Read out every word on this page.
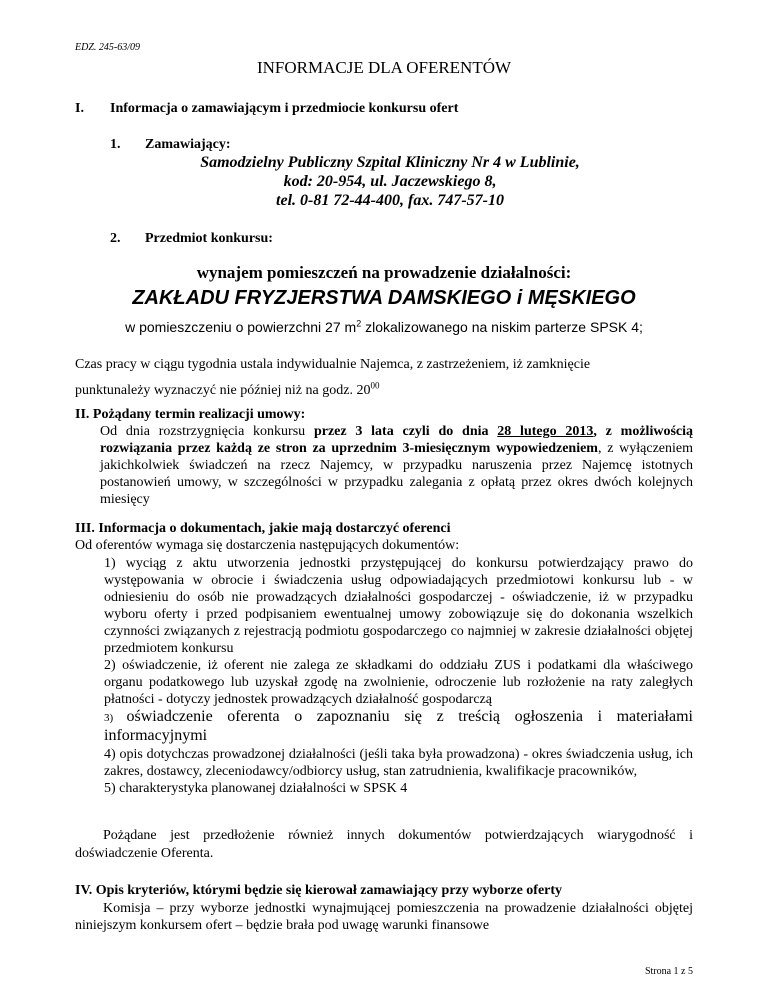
EDZ. 245-63/09
INFORMACJE DLA OFERENTÓW
I. Informacja o zamawiającym i przedmiocie konkursu ofert
1. Zamawiający:
Samodzielny Publiczny Szpital Kliniczny Nr 4 w Lublinie,
kod: 20-954, ul. Jaczewskiego 8,
tel. 0-81 72-44-400, fax. 747-57-10
2. Przedmiot konkursu:
wynajem pomieszczeń na prowadzenie działalności:
ZAKŁADU FRYZJERSTWA DAMSKIEGO i MĘSKIEGO
w pomieszczeniu o powierzchni 27 $m^2$ zlokalizowanego na niskim parterze SPSK 4;
Czas pracy w ciągu tygodnia ustala indywidualnie Najemca, z zastrzeżeniem, iż zamknięcie
punktunależy wyznaczyć nie później niż na godz. $20^{00}$
II. Pożądany termin realizacji umowy:
Od dnia rozstrzygnięcia konkursu przez 3 lata czyli do dnia 28 lutego 2013, z możliwością rozwiązania przez każdą ze stron za uprzednim 3-miesięcznym wypowiedzeniem, z wyłączeniem jakichkolwiek świadczeń na rzecz Najemcy, w przypadku naruszenia przez Najemcę istotnych postanowień umowy, w szczególności w przypadku zalegania z opłatą przez okres dwóch kolejnych miesięcy
III. Informacja o dokumentach, jakie mają dostarczyć oferenci
Od oferentów wymaga się dostarczenia następujących dokumentów:
1) wyciąg z aktu utworzenia jednostki przystępującej do konkursu potwierdzający prawo do występowania w obrocie i świadczenia usług odpowiadających przedmiotowi konkursu lub - w odniesieniu do osób nie prowadzących działalności gospodarczej - oświadczenie, iż w przypadku wyboru oferty i przed podpisaniem ewentualnej umowy zobowiązuje się do dokonania wszelkich czynności związanych z rejestracją podmiotu gospodarczego co najmniej w zakresie działalności objętej przedmiotem konkursu
2) oświadczenie, iż oferent nie zalega ze składkami do oddziału ZUS i podatkami dla właściwego organu podatkowego lub uzyskał zgodę na zwolnienie, odroczenie lub rozłożenie na raty zaległych płatności - dotyczy jednostek prowadzących działalność gospodarczą
3) oświadczenie oferenta o zapoznaniu się z treścią ogłoszenia i materiałami informacyjnymi
4) opis dotychczas prowadzonej działalności (jeśli taka była prowadzona) - okres świadczenia usług, ich zakres, dostawcy, zleceniodawcy/odbiorcy usług, stan zatrudnienia, kwalifikacje pracowników,
5) charakterystyka planowanej działalności w SPSK 4
Pożądane jest przedłożenie również innych dokumentów potwierdzających wiarygodność i doświadczenie Oferenta.
IV. Opis kryteriów, którymi będzie się kierował zamawiający przy wyborze oferty
Komisja – przy wyborze jednostki wynajmującej pomieszczenia na prowadzenie działalności objętej niniejszym konkursem ofert – będzie brała pod uwagę warunki finansowe
Strona 1 z 5
